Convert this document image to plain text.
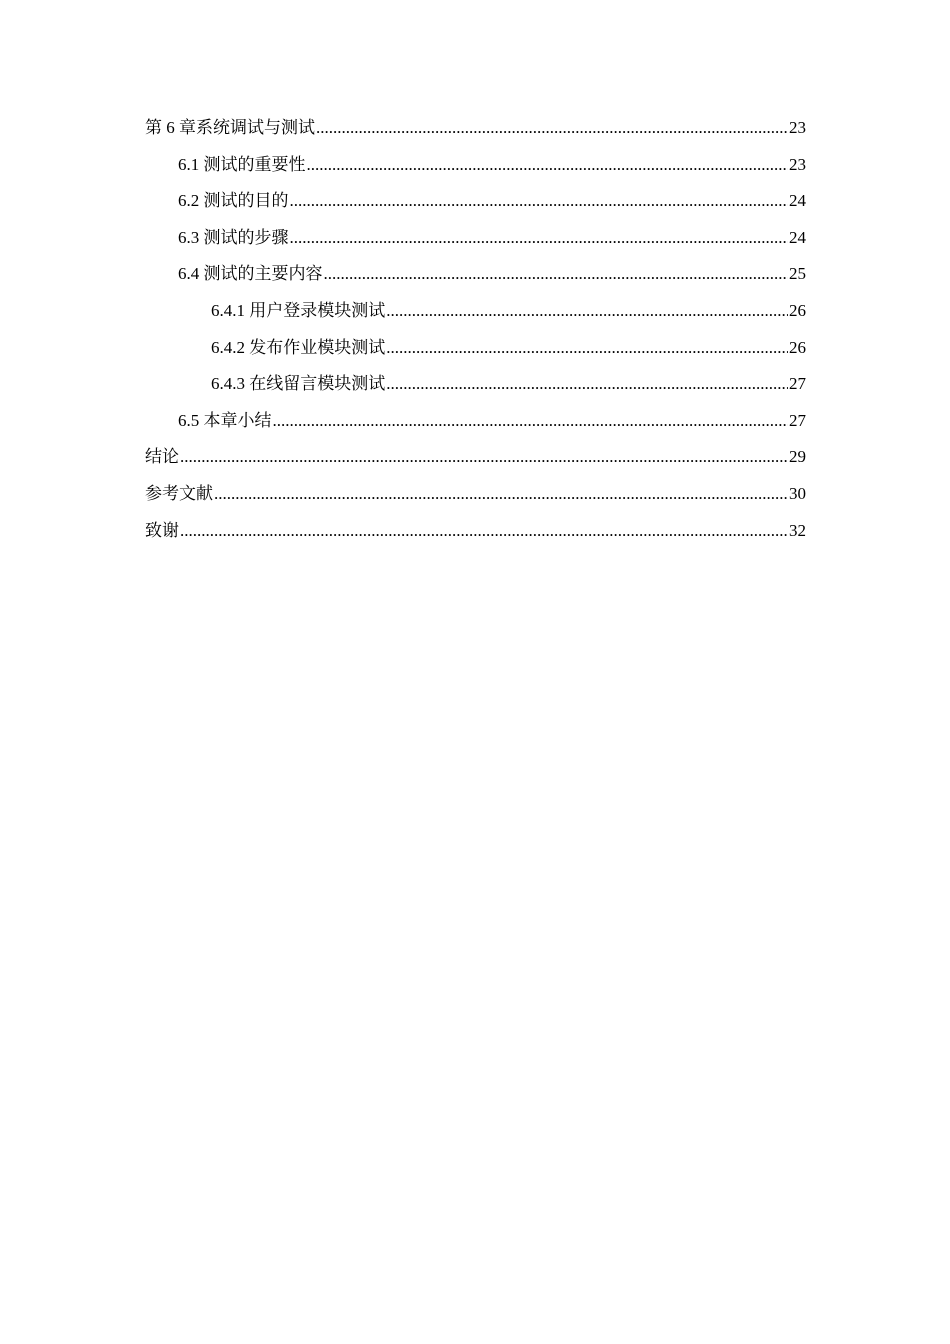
第 6 章系统调试与测试 .....	23
6.1 测试的重要性 .....	23
6.2 测试的目的 .....	24
6.3 测试的步骤 .....	24
6.4 测试的主要内容 .....	25
6.4.1 用户登录模块测试 .....	26
6.4.2 发布作业模块测试 .....	26
6.4.3 在线留言模块测试 .....	27
6.5 本章小结 .....	27
结论 .....	29
参考文献 .....	30
致谢 .....	32
